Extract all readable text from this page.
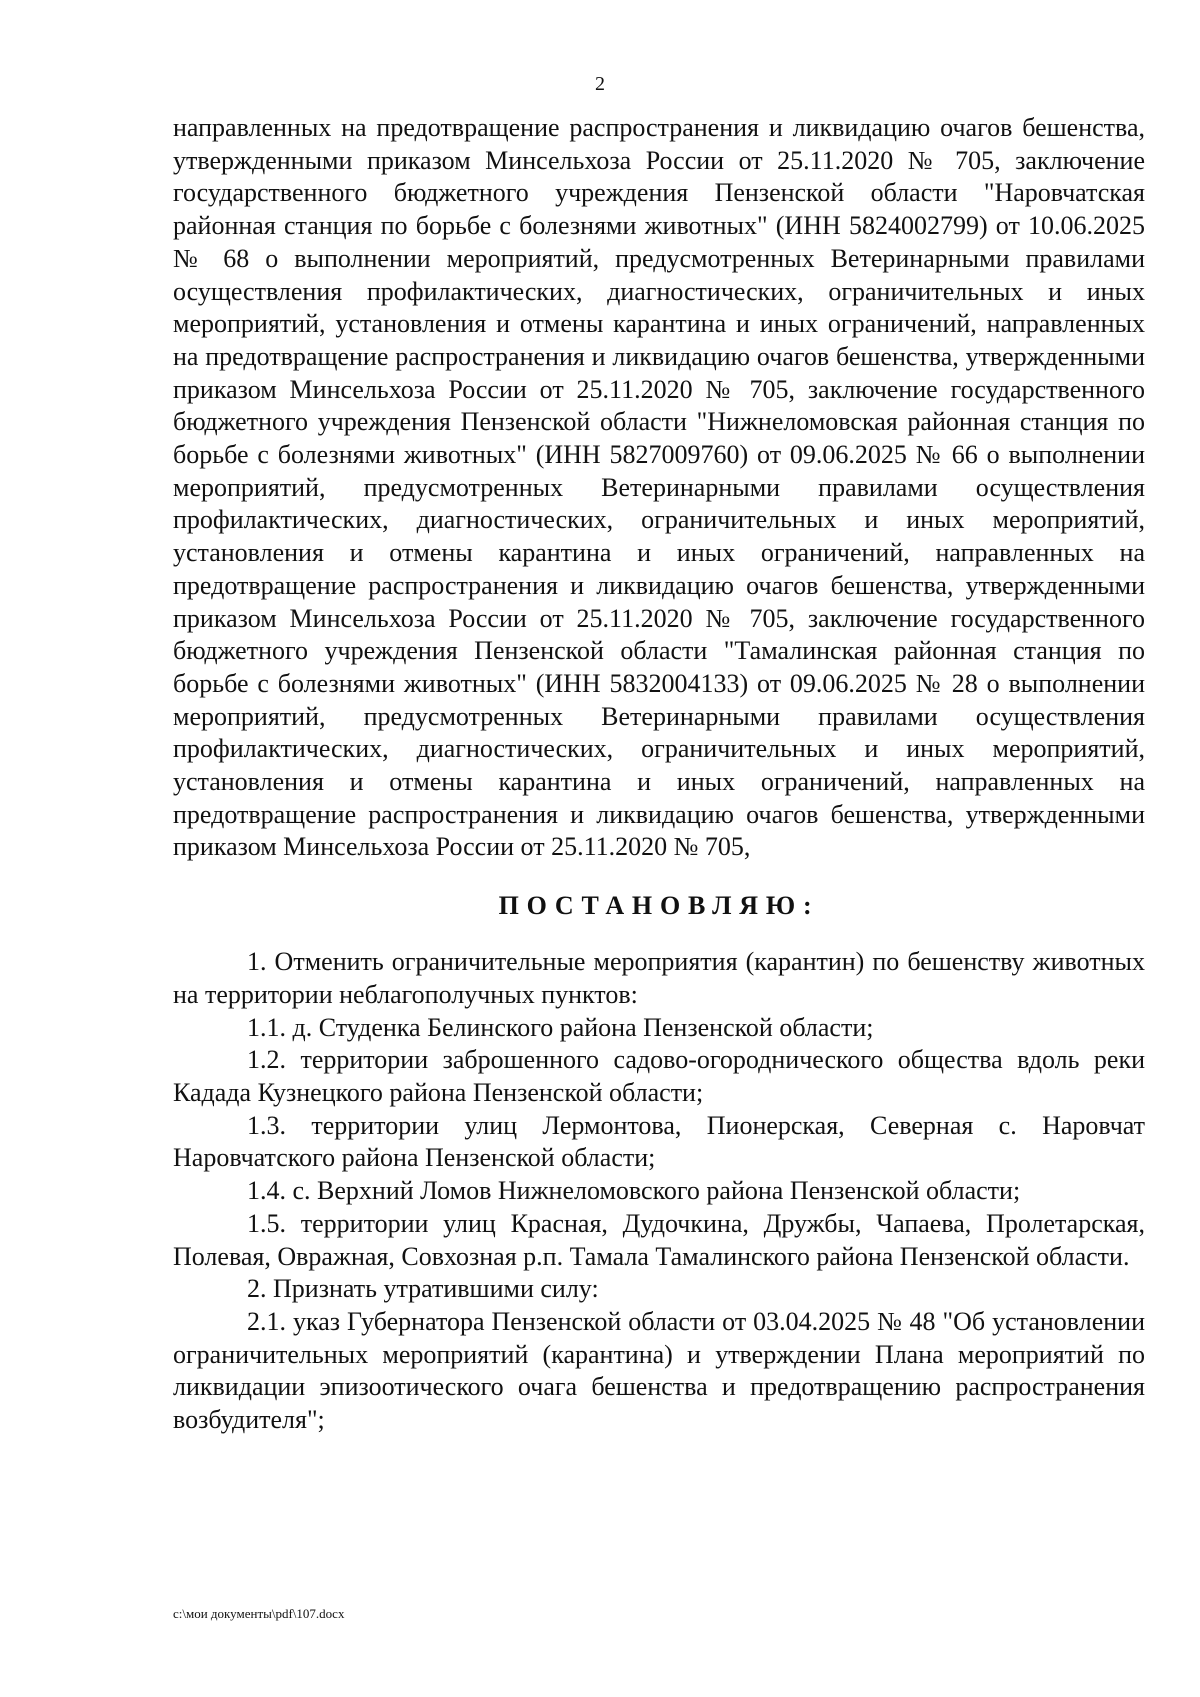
2

направленных на предотвращение распространения и ликвидацию очагов бешенства, утвержденными приказом Минсельхоза России от 25.11.2020 № 705, заключение государственного бюджетного учреждения Пензенской области "Наровчатская районная станция по борьбе с болезнями животных" (ИНН 5824002799) от 10.06.2025 № 68 о выполнении мероприятий, предусмотренных Ветеринарными правилами осуществления профилактических, диагностических, ограничительных и иных мероприятий, установления и отмены карантина и иных ограничений, направленных на предотвращение распространения и ликвидацию очагов бешенства, утвержденными приказом Минсельхоза России от 25.11.2020 № 705, заключение государственного бюджетного учреждения Пензенской области "Нижнеломовская районная станция по борьбе с болезнями животных" (ИНН 5827009760) от 09.06.2025 № 66 о выполнении мероприятий, предусмотренных Ветеринарными правилами осуществления профилактических, диагностических, ограничительных и иных мероприятий, установления и отмены карантина и иных ограничений, направленных на предотвращение распространения и ликвидацию очагов бешенства, утвержденными приказом Минсельхоза России от 25.11.2020 № 705, заключение государственного бюджетного учреждения Пензенской области "Тамалинская районная станция по борьбе с болезнями животных" (ИНН 5832004133) от 09.06.2025 № 28 о выполнении мероприятий, предусмотренных Ветеринарными правилами осуществления профилактических, диагностических, ограничительных и иных мероприятий, установления и отмены карантина и иных ограничений, направленных на предотвращение распространения и ликвидацию очагов бешенства, утвержденными приказом Минсельхоза России от 25.11.2020 № 705,

ПОСТАНОВЛЯЮ:

1. Отменить ограничительные мероприятия (карантин) по бешенству животных на территории неблагополучных пунктов:

1.1. д. Студенка Белинского района Пензенской области;

1.2. территории заброшенного садово-огороднического общества вдоль реки Кадада Кузнецкого района Пензенской области;

1.3. территории улиц Лермонтова, Пионерская, Северная с. Наровчат Наровчатского района Пензенской области;

1.4. с. Верхний Ломов Нижнеломовского района Пензенской области;

1.5. территории улиц Красная, Дудочкина, Дружбы, Чапаева, Пролетарская, Полевая, Овражная, Совхозная р.п. Тамала Тамалинского района Пензенской области.

2. Признать утратившими силу:

2.1. указ Губернатора Пензенской области от 03.04.2025 № 48 "Об установлении ограничительных мероприятий (карантина) и утверждении Плана мероприятий по ликвидации эпизоотического очага бешенства и предотвращению распространения возбудителя";

c:\мои документы\pdf\107.docx
